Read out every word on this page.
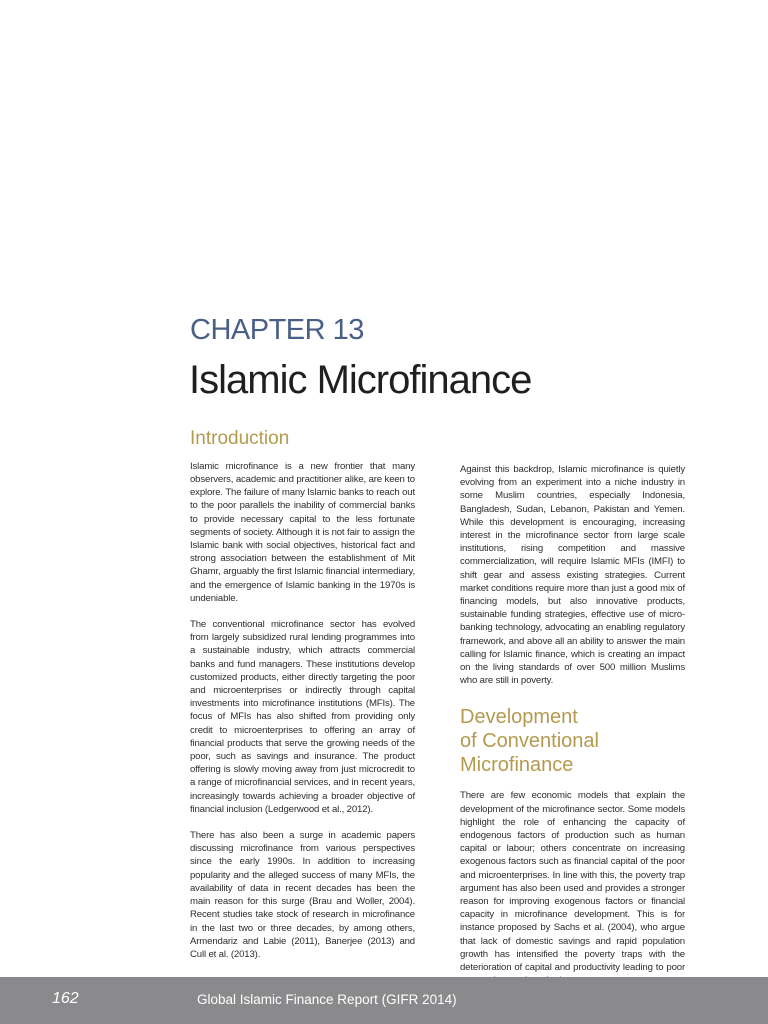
CHAPTER 13
Islamic Microfinance
Introduction

Islamic microfinance is a new frontier that many observers, academic and practitioner alike, are keen to explore. The failure of many Islamic banks to reach out to the poor parallels the inability of commercial banks to provide necessary capital to the less fortunate segments of society. Although it is not fair to assign the Islamic bank with social objectives, historical fact and strong association between the establishment of Mit Ghamr, arguably the first Islamic financial intermediary, and the emergence of Islamic banking in the 1970s is undeniable.

The conventional microfinance sector has evolved from largely subsidized rural lending programmes into a sustainable industry, which attracts commercial banks and fund managers. These institutions develop customized products, either directly targeting the poor and microenterprises or indirectly through capital investments into microfinance institutions (MFIs). The focus of MFIs has also shifted from providing only credit to microenterprises to offering an array of financial products that serve the growing needs of the poor, such as savings and insurance. The product offering is slowly moving away from just microcredit to a range of microfinancial services, and in recent years, increasingly towards achieving a broader objective of financial inclusion (Ledgerwood et al., 2012).

There has also been a surge in academic papers discussing microfinance from various perspectives since the early 1990s. In addition to increasing popularity and the alleged success of many MFIs, the availability of data in recent decades has been the main reason for this surge (Brau and Woller, 2004). Recent studies take stock of research in microfinance in the last two or three decades, by among others, Armendariz and Labie (2011), Banerjee (2013) and Cull et al. (2013).

Against this backdrop, Islamic microfinance is quietly evolving from an experiment into a niche industry in some Muslim countries, especially Indonesia, Bangladesh, Sudan, Lebanon, Pakistan and Yemen. While this development is encouraging, increasing interest in the microfinance sector from large scale institutions, rising competition and massive commercialization, will require Islamic MFIs (IMFI) to shift gear and assess existing strategies. Current market conditions require more than just a good mix of financing models, but also innovative products, sustainable funding strategies, effective use of micro-banking technology, advocating an enabling regulatory framework, and above all an ability to answer the main calling for Islamic finance, which is creating an impact on the living standards of over 500 million Muslims who are still in poverty.

Development
of Conventional
Microfinance

There are few economic models that explain the development of the microfinance sector. Some models highlight the role of enhancing the capacity of endogenous factors of production such as human capital or labour; others concentrate on increasing exogenous factors such as financial capital of the poor and microenterprises. In line with this, the poverty trap argument has also been used and provides a stronger reason for improving exogenous factors or financial capacity in microfinance development. This is for instance proposed by Sachs et al. (2004), who argue that lack of domestic savings and rapid population growth has intensified the poverty traps with the deterioration of capital and productivity leading to poor

162	Global Islamic Finance Report (GIFR 2014)
